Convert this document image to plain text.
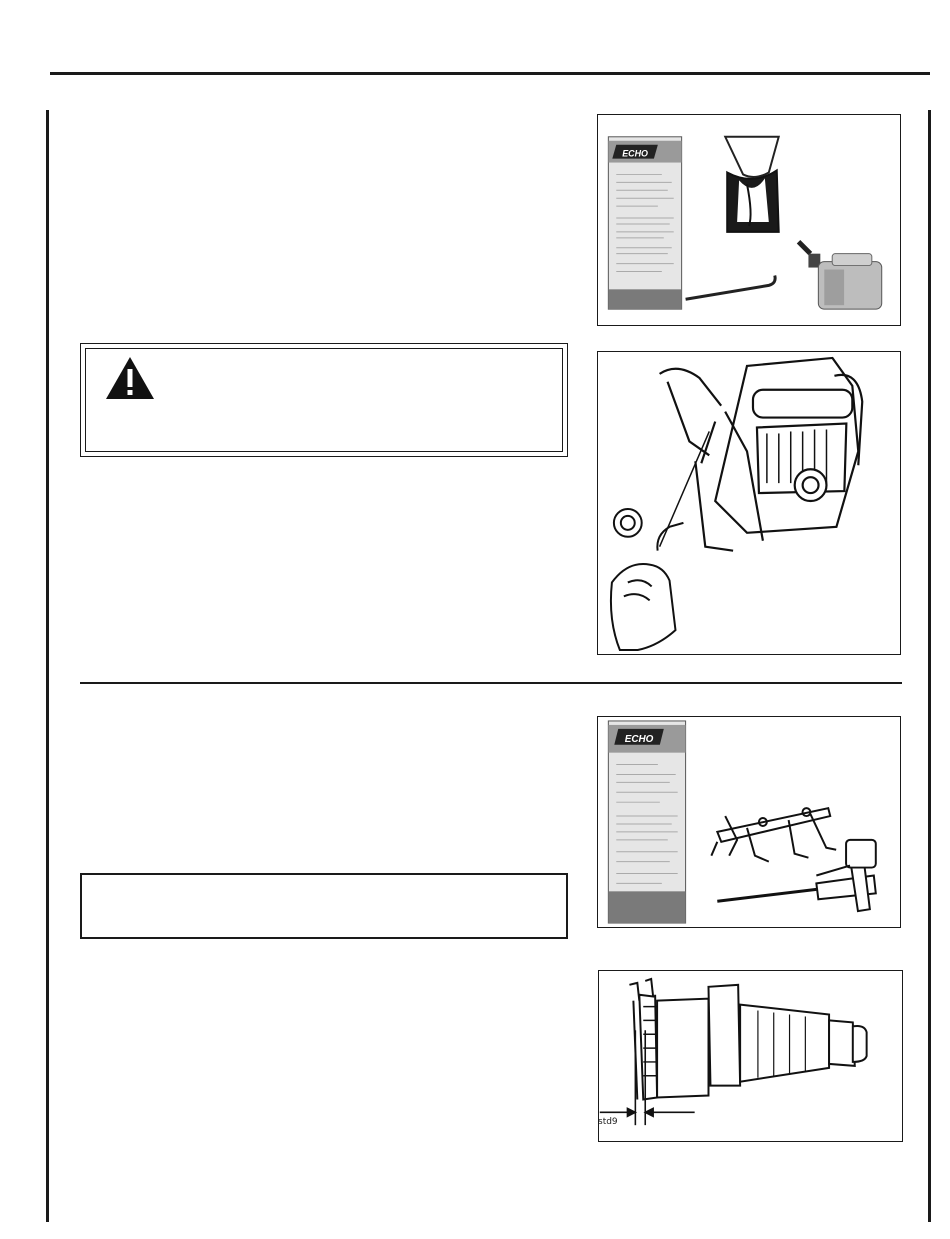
ECHO
ECHO
std9
